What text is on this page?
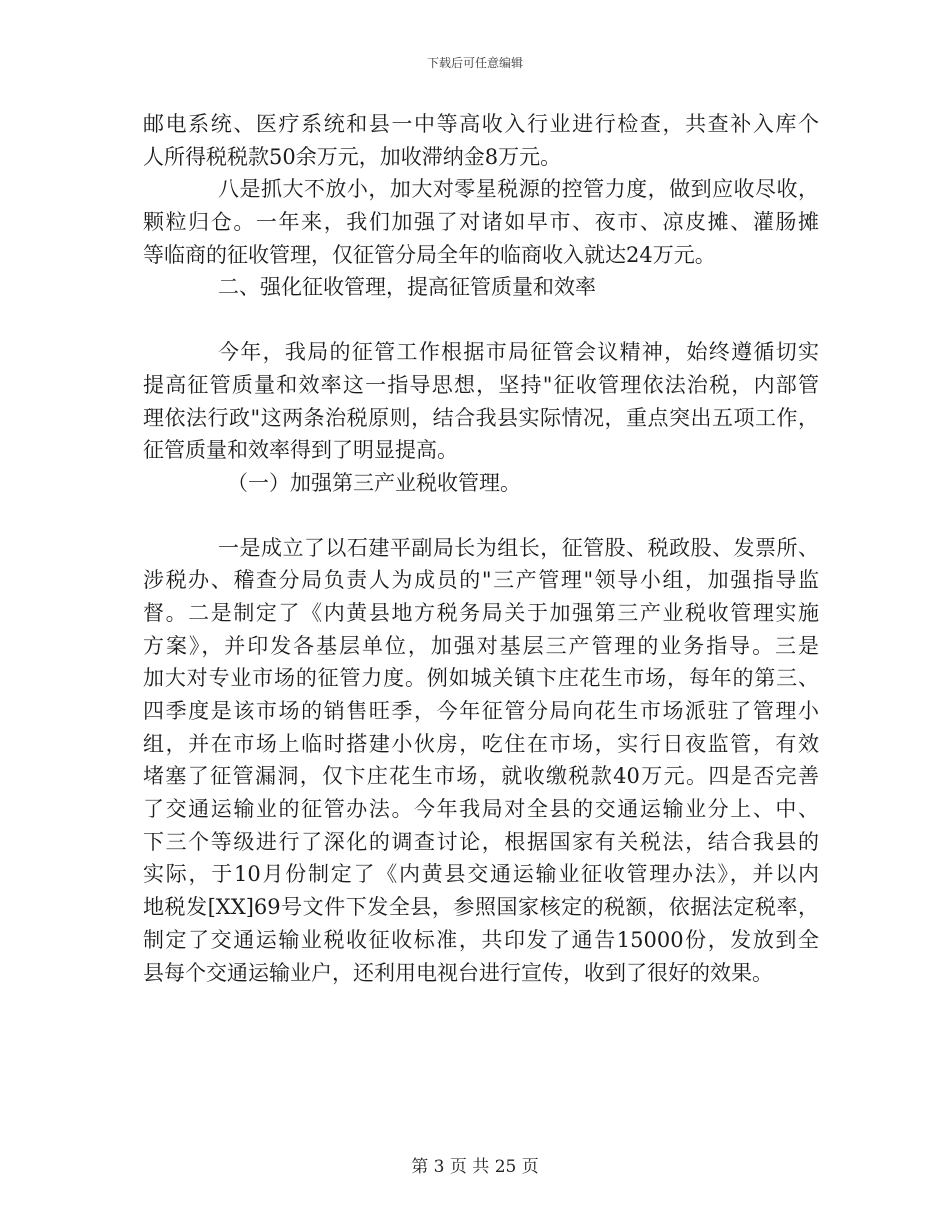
下载后可任意编辑
邮电系统、医疗系统和县一中等高收入行业进行检查，共查补入库个
人所得税税款50余万元，加收滞纳金8万元。
八是抓大不放小，加大对零星税源的控管力度，做到应收尽收，
颗粒归仓。一年来，我们加强了对诸如早市、夜市、凉皮摊、灌肠摊
等临商的征收管理，仅征管分局全年的临商收入就达24万元。
二、强化征收管理，提高征管质量和效率
今年，我局的征管工作根据市局征管会议精神，始终遵循切实
提高征管质量和效率这一指导思想，坚持"征收管理依法治税，内部管
理依法行政"这两条治税原则，结合我县实际情况，重点突出五项工作，
征管质量和效率得到了明显提高。
（一）加强第三产业税收管理。
一是成立了以石建平副局长为组长，征管股、税政股、发票所、
涉税办、稽查分局负责人为成员的"三产管理"领导小组，加强指导监
督。二是制定了《内黄县地方税务局关于加强第三产业税收管理实施
方案》，并印发各基层单位，加强对基层三产管理的业务指导。三是
加大对专业市场的征管力度。例如城关镇卞庄花生市场，每年的第三、
四季度是该市场的销售旺季，今年征管分局向花生市场派驻了管理小
组，并在市场上临时搭建小伙房，吃住在市场，实行日夜监管，有效
堵塞了征管漏洞，仅卞庄花生市场，就收缴税款40万元。四是否完善
了交通运输业的征管办法。今年我局对全县的交通运输业分上、中、
下三个等级进行了深化的调查讨论，根据国家有关税法，结合我县的
实际，于10月份制定了《内黄县交通运输业征收管理办法》，并以内
地税发[XX]69号文件下发全县，参照国家核定的税额，依据法定税率，
制定了交通运输业税收征收标准，共印发了通告15000份，发放到全
县每个交通运输业户，还利用电视台进行宣传，收到了很好的效果。
第 3 页 共 25 页
